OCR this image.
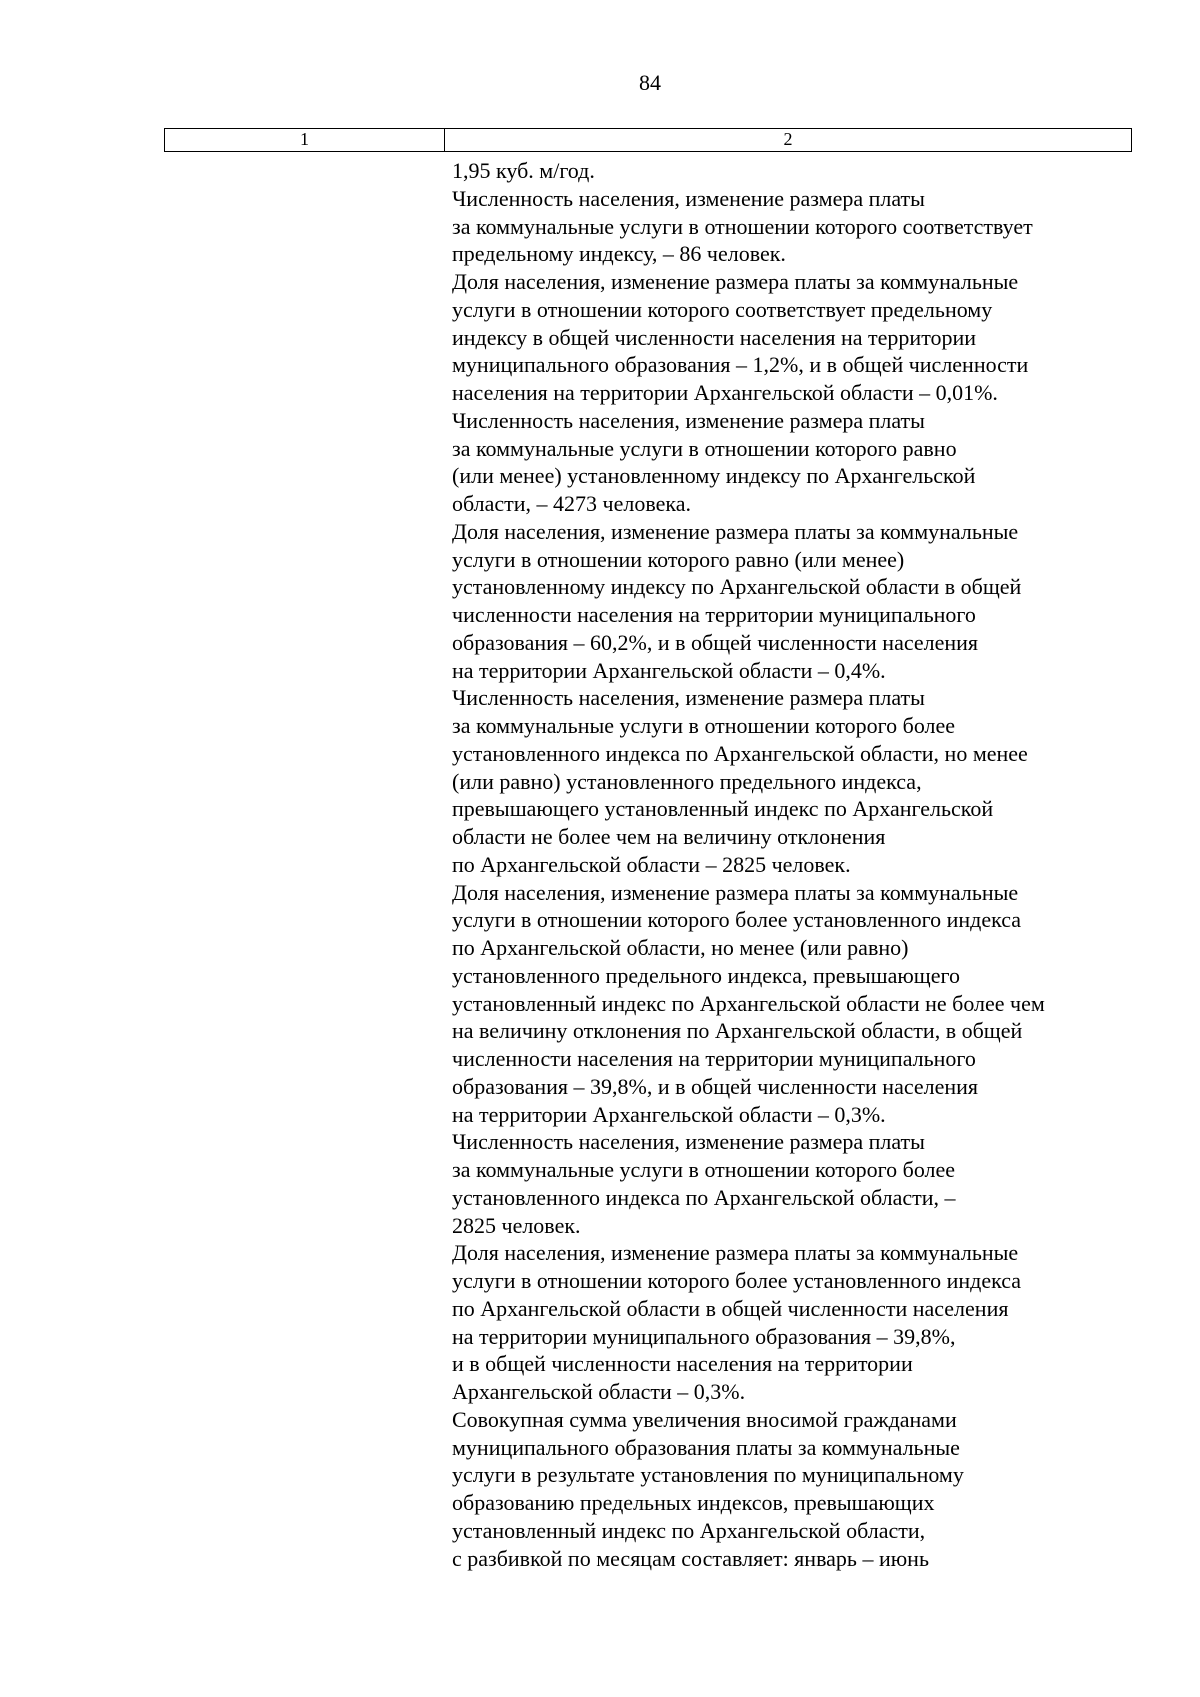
84
1	2
1,95 куб. м/год.
Численность населения, изменение размера платы
за коммунальные услуги в отношении которого соответствует
предельному индексу, – 86 человек.
Доля населения, изменение размера платы за коммунальные
услуги в отношении которого соответствует предельному
индексу в общей численности населения на территории
муниципального образования – 1,2%, и в общей численности
населения на территории Архангельской области – 0,01%.
Численность населения, изменение размера платы
за коммунальные услуги в отношении которого равно
(или менее) установленному индексу по Архангельской
области, – 4273 человека.
Доля населения, изменение размера платы за коммунальные
услуги в отношении которого равно (или менее)
установленному индексу по Архангельской области в общей
численности населения на территории муниципального
образования – 60,2%, и в общей численности населения
на территории Архангельской области – 0,4%.
Численность населения, изменение размера платы
за коммунальные услуги в отношении которого более
установленного индекса по Архангельской области, но менее
(или равно) установленного предельного индекса,
превышающего установленный индекс по Архангельской
области не более чем на величину отклонения
по Архангельской области – 2825 человек.
Доля населения, изменение размера платы за коммунальные
услуги в отношении которого более установленного индекса
по Архангельской области, но менее (или равно)
установленного предельного индекса, превышающего
установленный индекс по Архангельской области не более чем
на величину отклонения по Архангельской области, в общей
численности населения на территории муниципального
образования – 39,8%, и в общей численности населения
на территории Архангельской области – 0,3%.
Численность населения, изменение размера платы
за коммунальные услуги в отношении которого более
установленного индекса по Архангельской области, –
2825 человек.
Доля населения, изменение размера платы за коммунальные
услуги в отношении которого более установленного индекса
по Архангельской области в общей численности населения
на территории муниципального образования – 39,8%,
и в общей численности населения на территории
Архангельской области – 0,3%.
Совокупная сумма увеличения вносимой гражданами
муниципального образования платы за коммунальные
услуги в результате установления по муниципальному
образованию предельных индексов, превышающих
установленный индекс по Архангельской области,
с разбивкой по месяцам составляет: январь – июнь
